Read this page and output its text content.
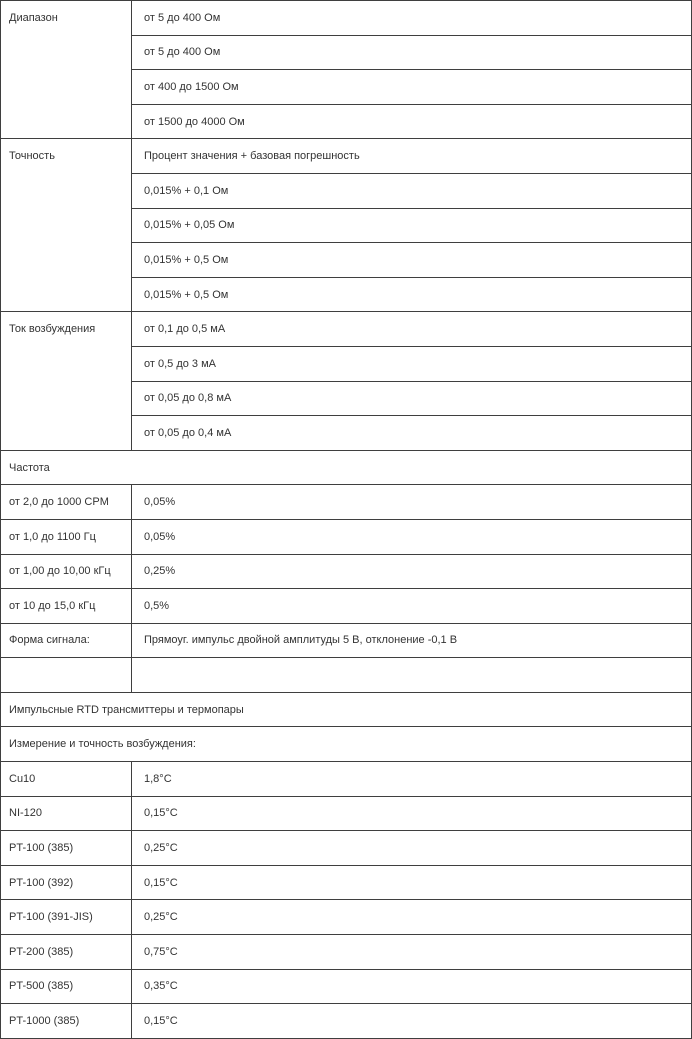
Диапазон	от 5 до 400 Ом
	от 5 до 400 Ом
	от 400 до 1500 Ом
	от 1500 до 4000 Ом
Точность	Процент значения + базовая погрешность
	0,015% + 0,1 Ом
	0,015% + 0,05 Ом
	0,015% + 0,5 Ом
	0,015% + 0,5 Ом
Ток возбуждения	от 0,1 до 0,5 мА
	от 0,5 до 3 мА
	от 0,05 до 0,8 мА
	от 0,05 до 0,4 мА
Частота	
от 2,0 до 1000 CPM	0,05%
от 1,0 до 1100 Гц	0,05%
от 1,00 до 10,00 кГц	0,25%
от 10 до 15,0 кГц	0,5%
Форма сигнала:	Прямоуг. импульс двойной амплитуды 5 В, отклонение -0,1 В

Импульсные RTD трансмиттеры и термопары	
Измерение и точность возбуждения:	
Cu10	1,8°C
NI-120	0,15°C
PT-100 (385)	0,25°C
PT-100 (392)	0,15°C
PT-100 (391-JIS)	0,25°C
PT-200 (385)	0,75°C
PT-500 (385)	0,35°C
PT-1000 (385)	0,15°C
